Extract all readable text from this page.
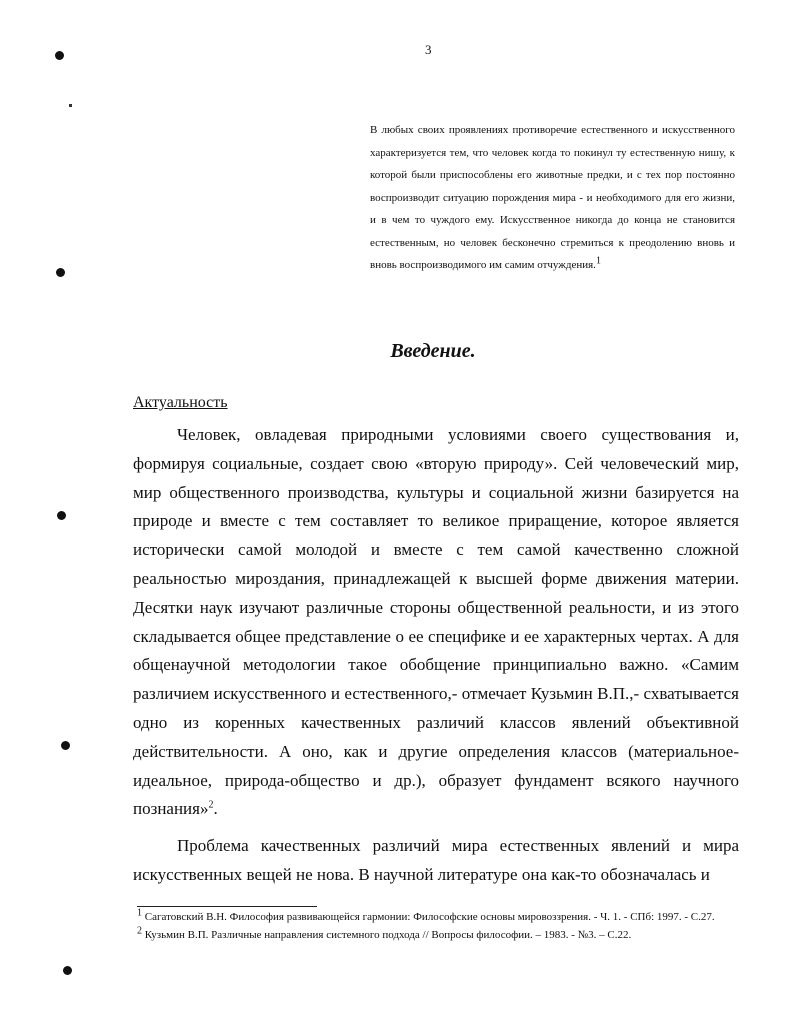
3

В любых своих проявлениях противоречие естественного и искусственного характеризуется тем, что человек когда то покинул ту естественную нишу, к которой были приспособлены его животные предки, и с тех пор постоянно воспроизводит ситуацию порождения мира - и необходимого для его жизни, и в чем то чуждого ему. Искусственное никогда до конца не становится естественным, но человек бесконечно стремиться к преодолению вновь и вновь воспроизводимого им самим отчуждения.$^1$

Введение.
Актуальность

Человек, овладевая природными условиями своего существования и, формируя социальные, создает свою «вторую природу». Сей человеческий мир, мир общественного производства, культуры и социальной жизни базируется на природе и вместе с тем составляет то великое приращение, которое является исторически самой молодой и вместе с тем самой качественно сложной реальностью мироздания, принадлежащей к высшей форме движения материи. Десятки наук изучают различные стороны общественной реальности, и из этого складывается общее представление о ее специфике и ее характерных чертах. А для общенаучной методологии такое обобщение принципиально важно. «Самим различием искусственного и естественного,- отмечает Кузьмин В.П.,- схватывается одно из коренных качественных различий классов явлений объективной действительности. А оно, как и другие определения классов (материальное-идеальное, природа-общество и др.), образует фундамент всякого научного познания»$^2$.

Проблема качественных различий мира естественных явлений и мира искусственных вещей не нова. В научной литературе она как-то обозначалась и

$^1$ Сагатовский В.Н. Философия развивающейся гармонии: Философские основы мировоззрения. - Ч. 1. - СПб: 1997. - С.27.

$^2$ Кузьмин В.П. Различные направления системного подхода // Вопросы философии. – 1983. - №3. – С.22.
